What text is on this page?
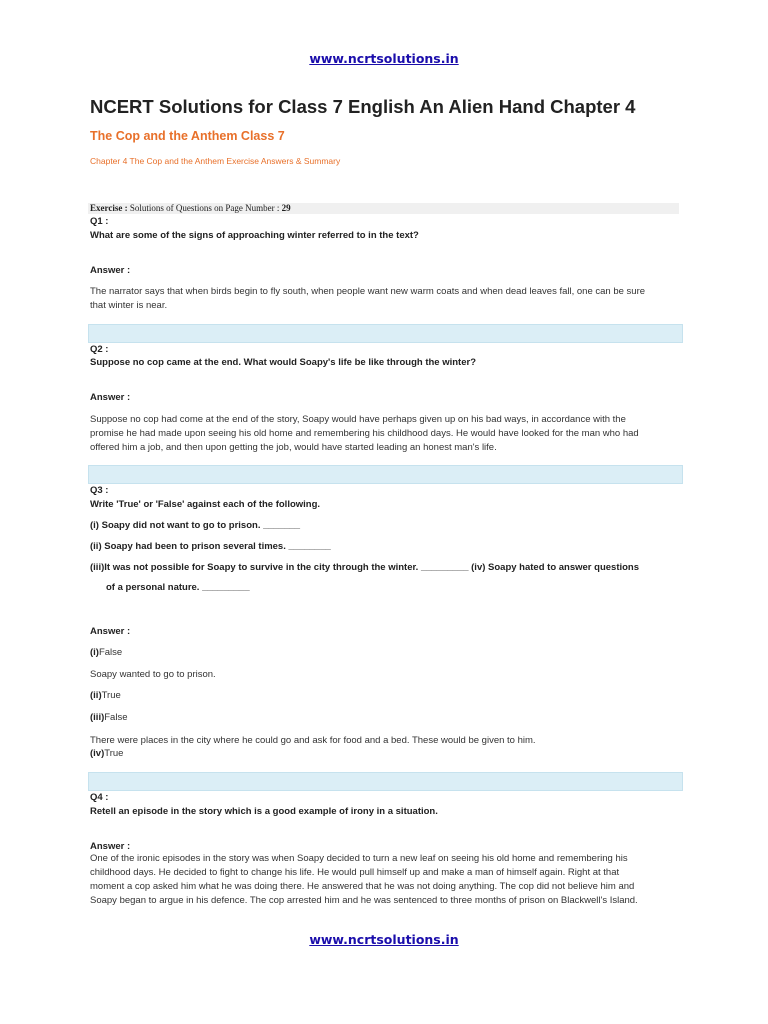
www.ncrtsolutions.in
NCERT Solutions for Class 7 English An Alien Hand Chapter 4
The Cop and the Anthem Class 7
Chapter 4 The Cop and the Anthem Exercise Answers & Summary
Exercise : Solutions of Questions on Page Number : 29
Q1 :
What are some of the signs of approaching winter referred to in the text?
Answer :
The narrator says that when birds begin to fly south, when people want new warm coats and when dead leaves fall, one can be sure
that winter is near.
Q2 :
Suppose no cop came at the end. What would Soapy's life be like through the winter?
Answer :
Suppose no cop had come at the end of the story, Soapy would have perhaps given up on his bad ways, in accordance with the
promise he had made upon seeing his old home and remembering his childhood days. He would have looked for the man who had
offered him a job, and then upon getting the job, would have started leading an honest man's life.
Q3 :
Write 'True' or 'False' against each of the following.
(i) Soapy did not want to go to prison. _______
(ii) Soapy had been to prison several times. ________
(iii)It was not possible for Soapy to survive in the city through the winter. _________ (iv) Soapy hated to answer questions
of a personal nature. _________
Answer :
(i)False
Soapy wanted to go to prison.
(ii)True
(iii)False
There were places in the city where he could go and ask for food and a bed. These would be given to him.
(iv)True
Q4 :
Retell an episode in the story which is a good example of irony in a situation.
Answer :
One of the ironic episodes in the story was when Soapy decided to turn a new leaf on seeing his old home and remembering his
childhood days. He decided to fight to change his life. He would pull himself up and make a man of himself again. Right at that
moment a cop asked him what he was doing there. He answered that he was not doing anything. The cop did not believe him and
Soapy began to argue in his defence. The cop arrested him and he was sentenced to three months of prison on Blackwell's Island.
www.ncrtsolutions.in
